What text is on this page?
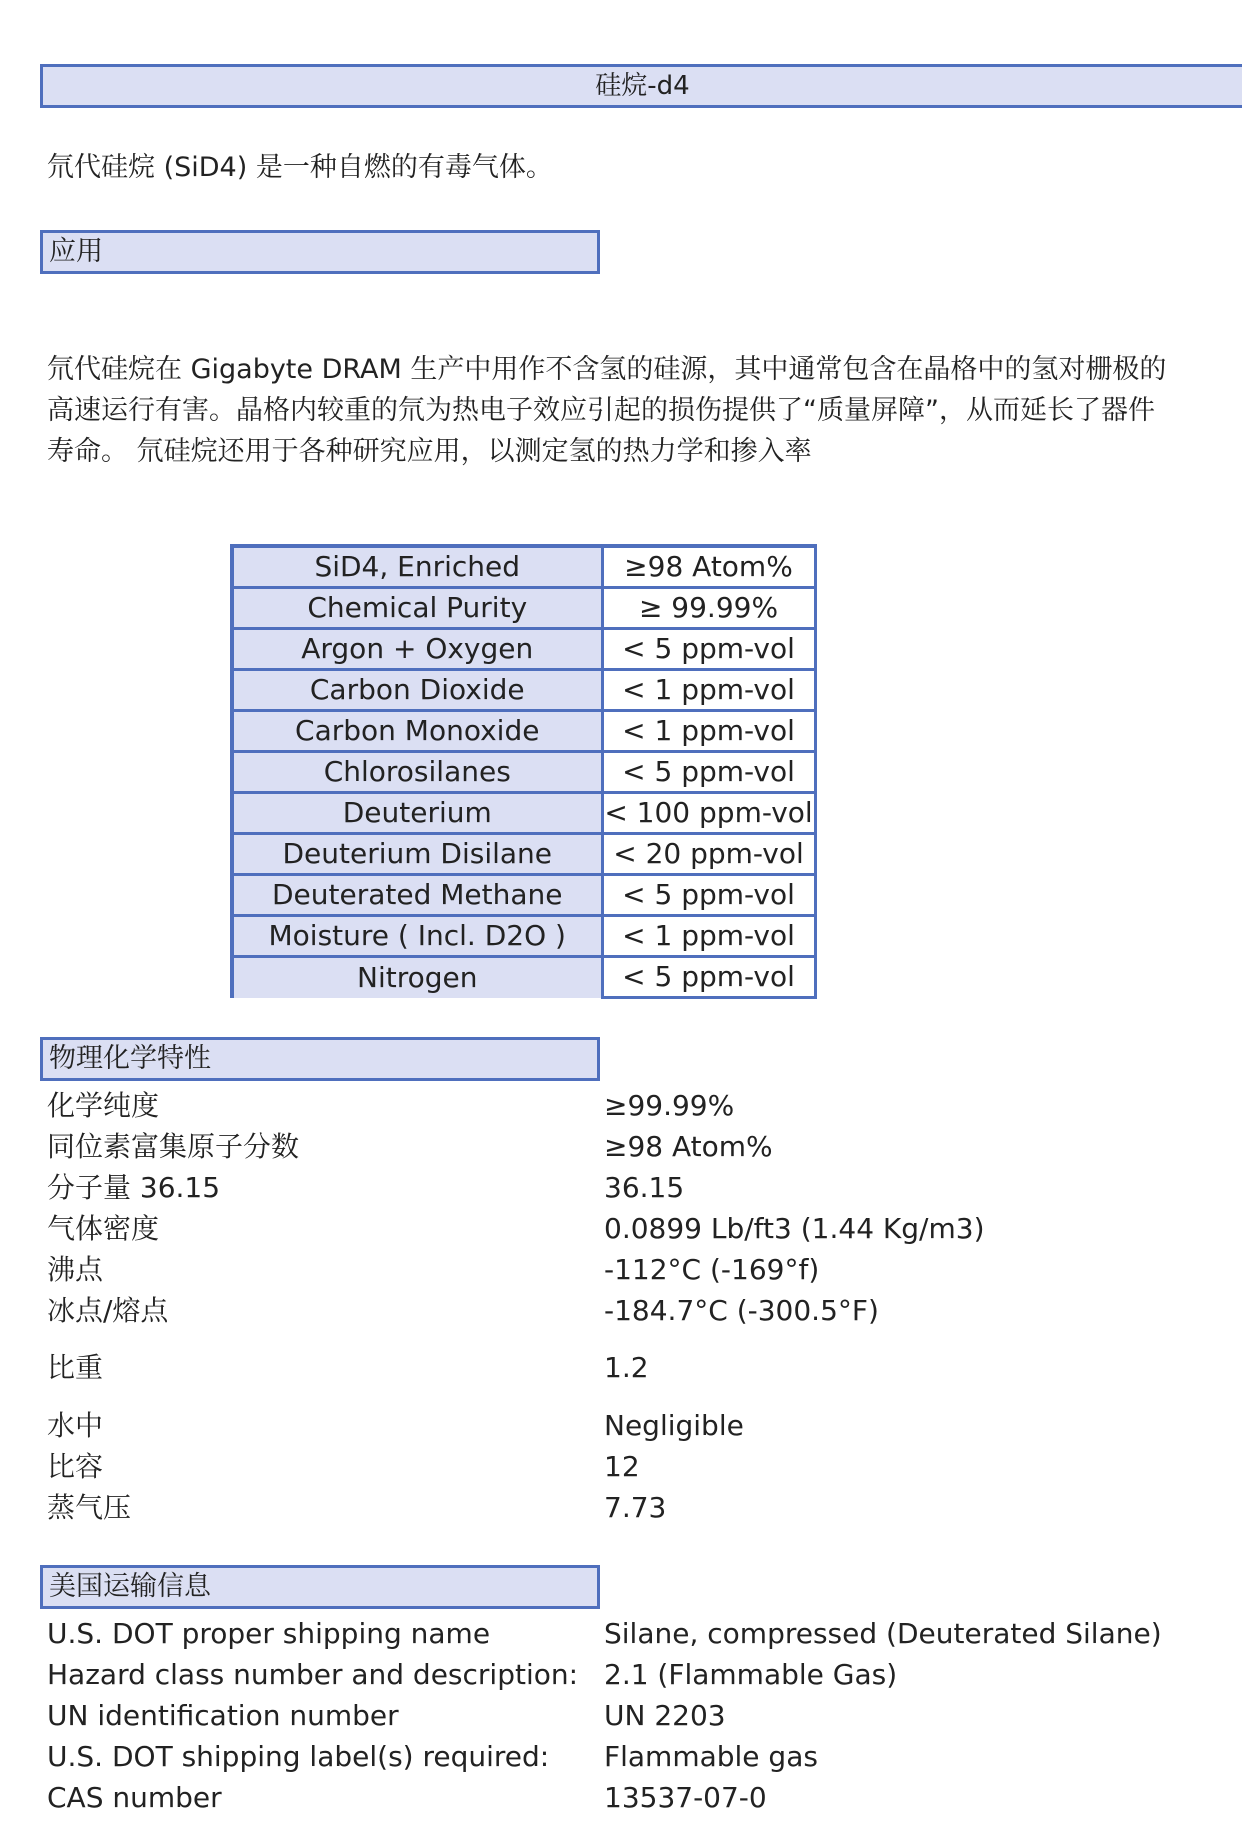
硅烷-d4
氘代硅烷 (SiD4) 是一种自燃的有毒气体。
应用
氘代硅烷在 Gigabyte DRAM 生产中用作不含氢的硅源，其中通常包含在晶格中的氢对栅极的
高速运行有害。晶格内较重的氘为热电子效应引起的损伤提供了“质量屏障”，从而延长了器件
寿命。 氘硅烷还用于各种研究应用，以测定氢的热力学和掺入率
SiD4, Enriched	≥98 Atom%
Chemical Purity	≥ 99.99%
Argon + Oxygen	< 5 ppm-vol
Carbon Dioxide	< 1 ppm-vol
Carbon Monoxide	< 1 ppm-vol
Chlorosilanes	< 5 ppm-vol
Deuterium	< 100 ppm-vol
Deuterium Disilane	< 20 ppm-vol
Deuterated Methane	< 5 ppm-vol
Moisture ( Incl. D2O )	< 1 ppm-vol
Nitrogen	< 5 ppm-vol
物理化学特性
化学纯度	≥99.99%
同位素富集原子分数	≥98 Atom%
分子量 36.15	36.15
气体密度	0.0899 Lb/ft3 (1.44 Kg/m3)
沸点	-112°C (-169°f)
冰点/熔点	-184.7°C (-300.5°F)
比重	1.2
水中	Negligible
比容	12
蒸气压	7.73
美国运输信息
U.S. DOT proper shipping name	Silane, compressed (Deuterated Silane)
Hazard class number and description: 2.1 (Flammable Gas)
UN identification number	UN 2203
U.S. DOT shipping label(s) required: Flammable gas
CAS number	13537-07-0
